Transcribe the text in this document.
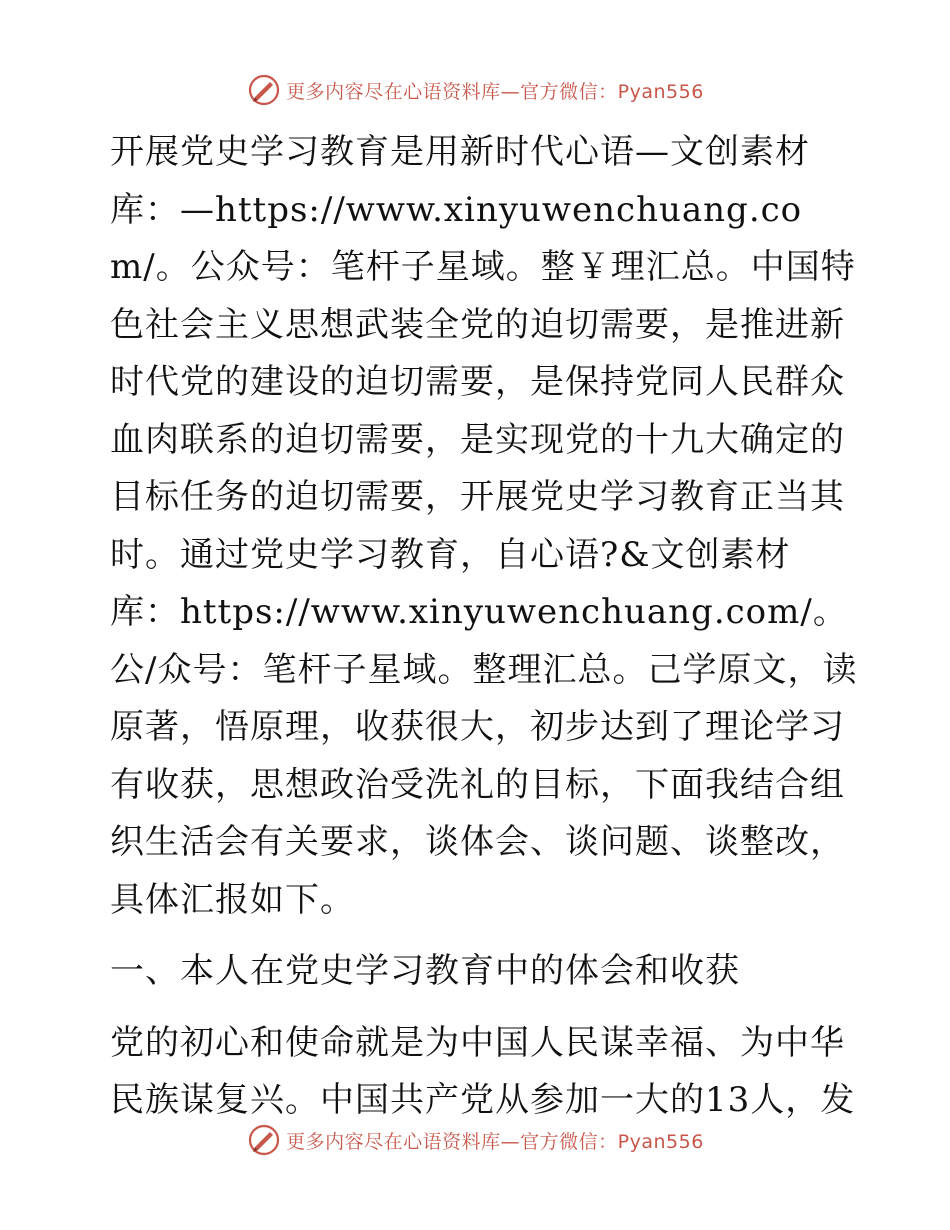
更多内容尽在心语资料库—官方微信：Pyan556

开展党史学习教育是用新时代心语—文创素材库：—https://www.xinyuwenchuang.com/。公众号：笔杆子星域。整￥理汇总。中国特色社会主义思想武装全党的迫切需要，是推进新时代党的建设的迫切需要，是保持党同人民群众血肉联系的迫切需要，是实现党的十九大确定的目标任务的迫切需要，开展党史学习教育正当其时。通过党史学习教育，自心语?&文创素材库：https://www.xinyuwenchuang.com/。公/众号：笔杆子星域。整理汇总。己学原文，读原著，悟原理，收获很大，初步达到了理论学习有收获，思想政治受洗礼的目标，下面我结合组织生活会有关要求，谈体会、谈问题、谈整改，具体汇报如下。

一、本人在党史学习教育中的体会和收获

党的初心和使命就是为中国人民谋幸福、为中华民族谋复兴。中国共产党从参加一大的13人，发

更多内容尽在心语资料库—官方微信：Pyan556
